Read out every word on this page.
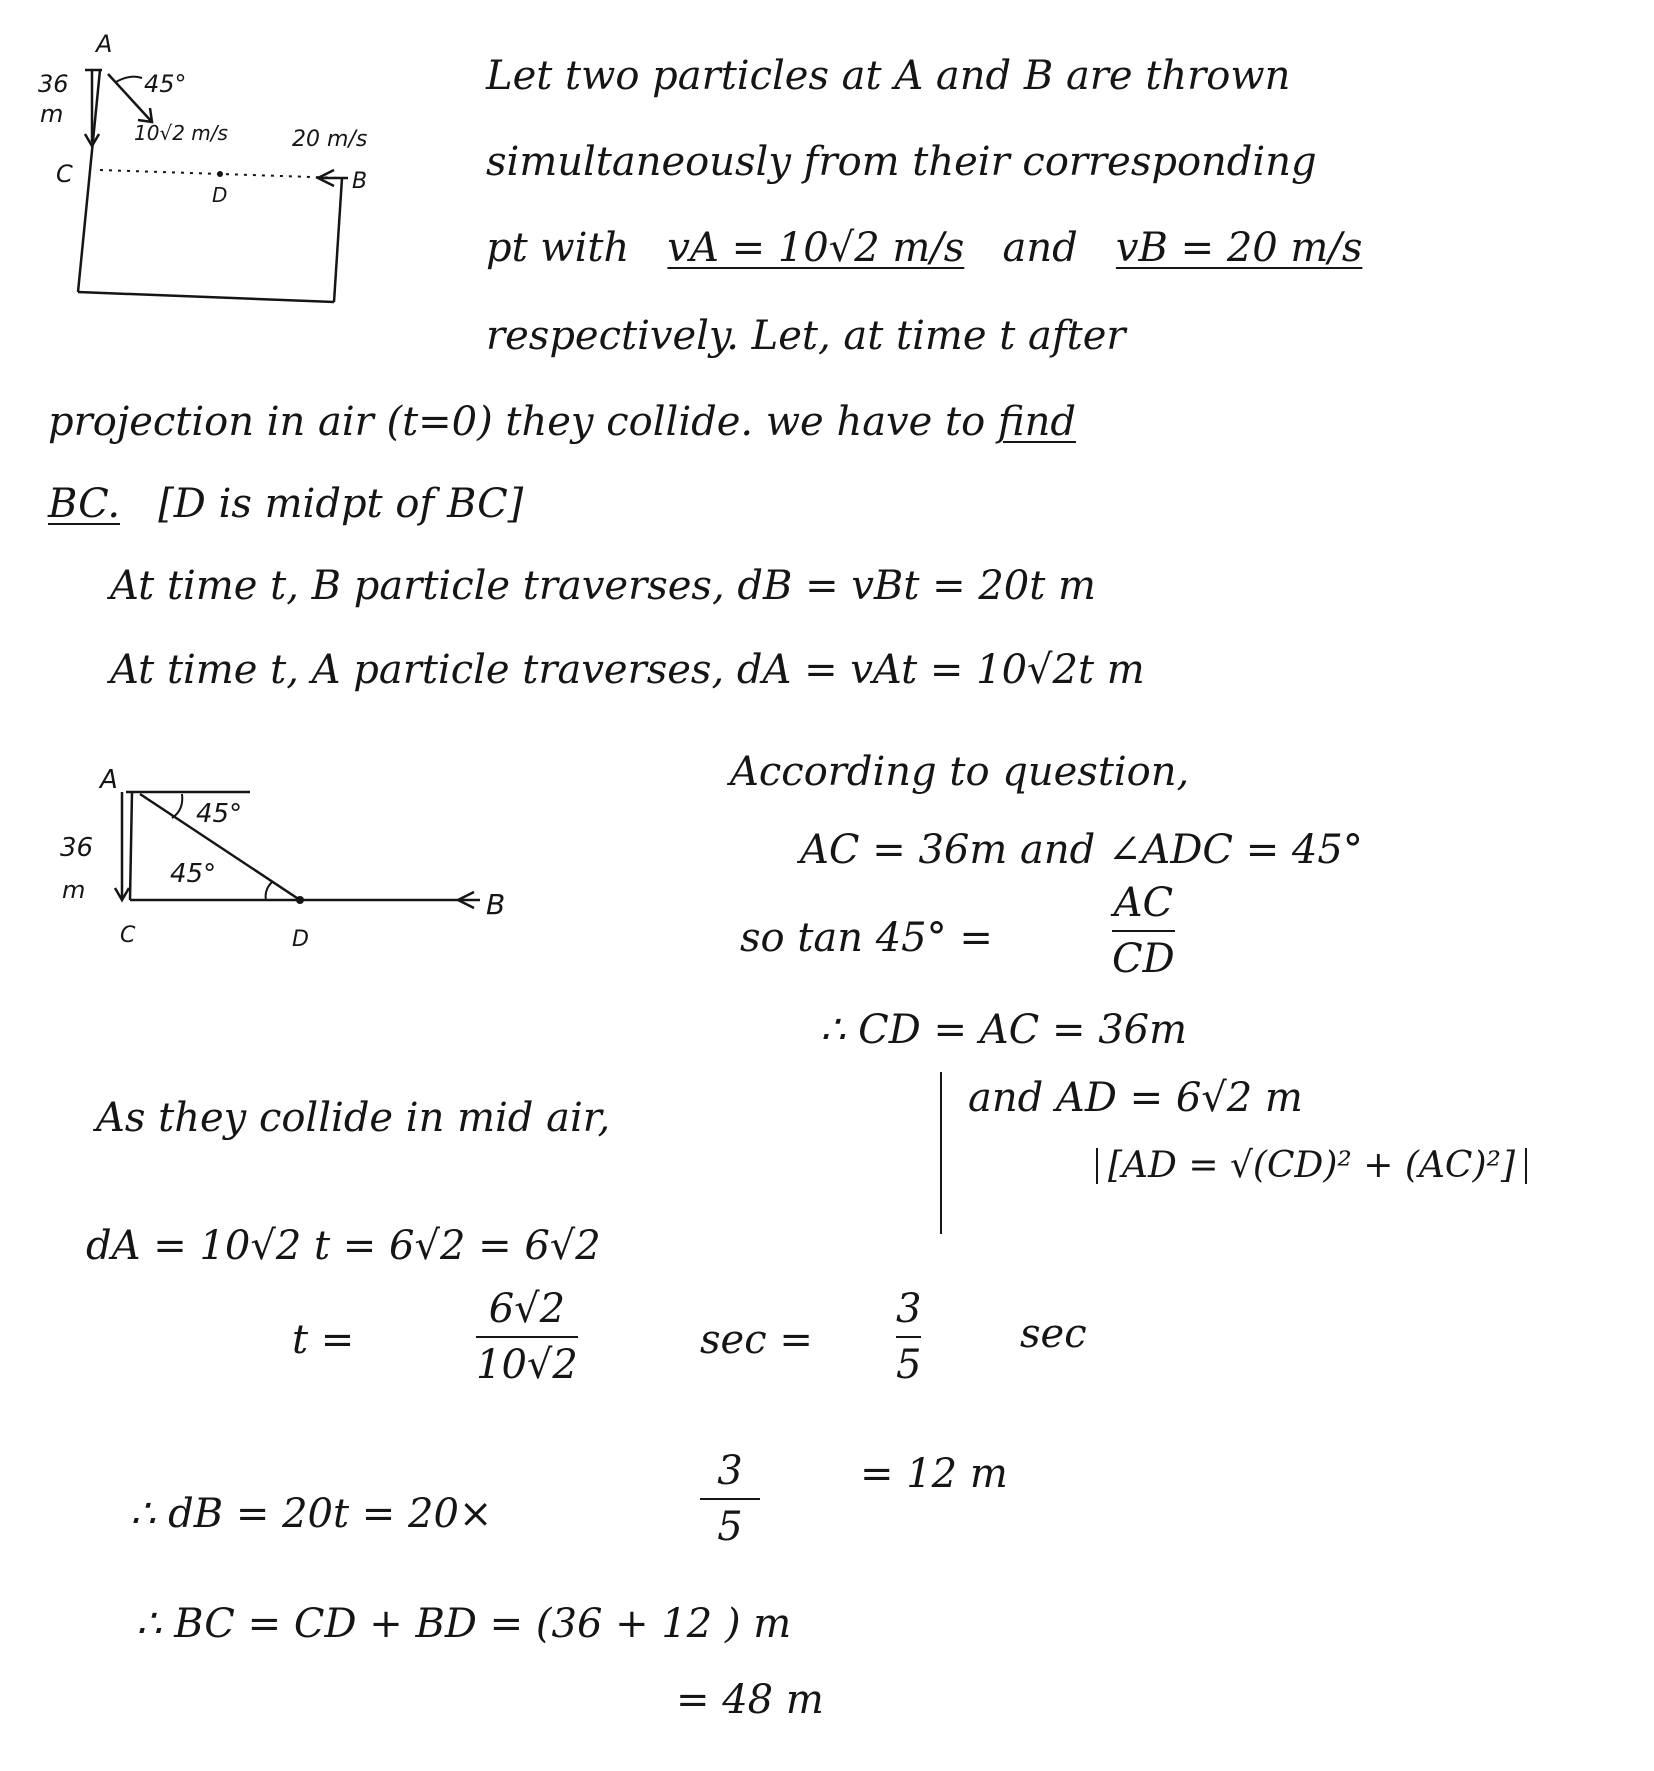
A
C
D
B
36
m
45°
10√2 m/s	20 m/s
Let two particles at A and B are thrown
simultaneously from their corresponding
pt with vA = 10√2 m/s and vB = 20 m/s
respectively. Let, at time t after
projection in air (t=0) they collide. we have to find
BC. [D is midpt of BC]
At time t, B particle traverses, dB = vBt = 20t m
At time t, A particle traverses, dA = vAt = 10√2t m
A
C	D
B
36
m
45°
45°
According to question,
AC = 36m and ∠ADC = 45°
so tan 45° =
AC
CD
∴ CD = AC = 36m
and AD = 6√2 m
[AD = √(CD)² + (AC)²]
As they collide in mid air,
dA = 10√2 t = 6√2 = 6√2
t =
6√2
10√2
sec =
3
5
sec
∴ dB = 20t = 20×
3
5
= 12 m
∴ BC = CD + BD = (36 + 12 ) m
= 48 m
